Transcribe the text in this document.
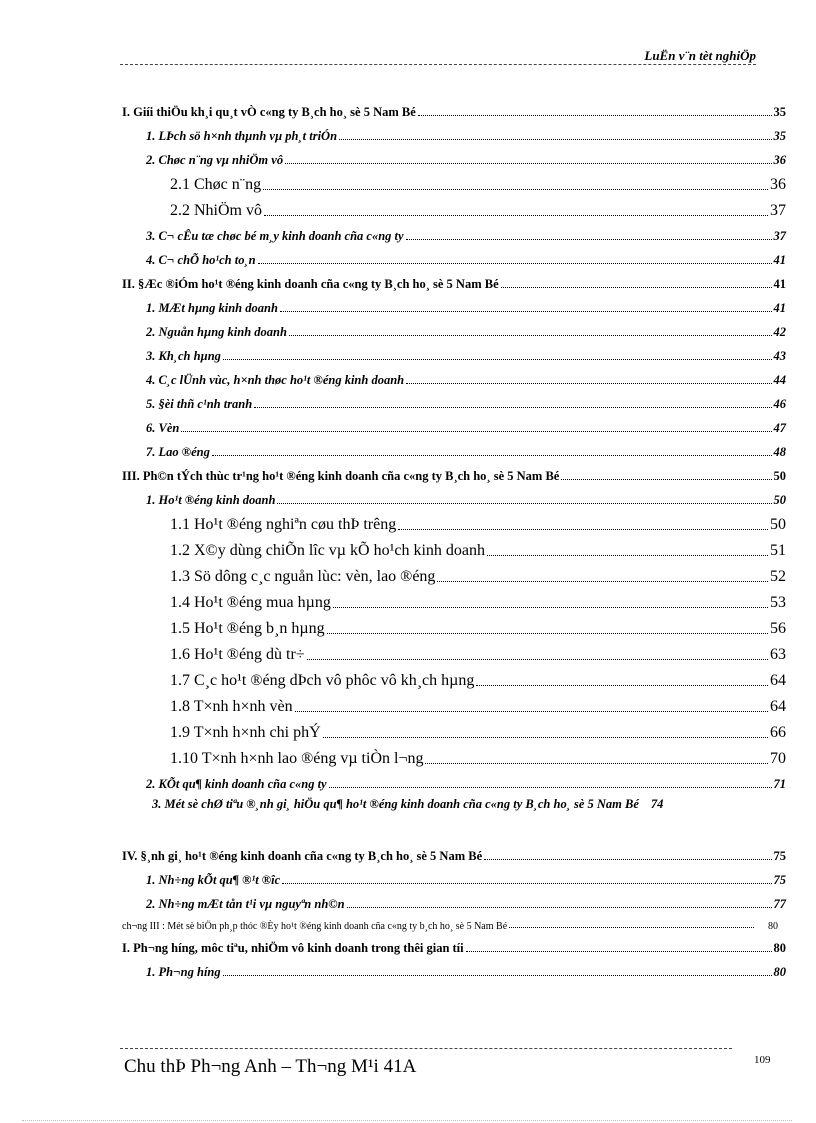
LuËn v¨n tèt nghiÖp
I. Giíi thiÖu kh¸i qu¸t vÒ c«ng ty B¸ch ho¸ sè 5 Nam Bé	35
1. LÞch sö h×nh thµnh vµ ph¸t triÓn	35
2. Chøc n¨ng vµ nhiÖm vô	36
2.1 Chøc n¨ng	36
2.2 NhiÖm vô	37
3. C¬ cÊu tæ chøc bé m¸y kinh doanh cña c«ng ty	37
4. C¬ chÕ ho¹ch to¸n	41
II. §Æc ®iÓm ho¹t ®éng kinh doanh cña c«ng ty B¸ch ho¸ sè 5 Nam Bé	41
1. MÆt hµng kinh doanh	41
2. Nguån hµng kinh doanh	42
3. Kh¸ch hµng	43
4. C¸c lÜnh vùc, h×nh thøc ho¹t ®éng kinh doanh	44
5. §èi thñ c¹nh tranh	46
6. Vèn	47
7. Lao ®éng	48
III. Ph©n tÝch thùc tr¹ng ho¹t ®éng kinh doanh cña c«ng ty B¸ch ho¸ sè 5 Nam Bé	50
1. Ho¹t ®éng kinh doanh	50
1.1 Ho¹t ®éng nghiªn cøu thÞ trêng	50
1.2 X©y dùng chiÕn lîc vµ kÕ ho¹ch kinh doanh	51
1.3 Sö dông c¸c nguån lùc: vèn, lao ®éng	52
1.4 Ho¹t ®éng mua hµng	53
1.5 Ho¹t ®éng b¸n hµng	56
1.6 Ho¹t ®éng dù tr÷	63
1.7 C¸c ho¹t ®éng dÞch vô phôc vô kh¸ch hµng	64
1.8 T×nh h×nh vèn	64
1.9 T×nh h×nh chi phÝ	66
1.10 T×nh h×nh lao ®éng vµ tiÒn l¬ng	70
2. KÕt qu¶ kinh doanh cña c«ng ty	71
3. Mét sè chØ tiªu ®¸nh gi¸ hiÖu qu¶ ho¹t ®éng kinh doanh cña c«ng ty B¸ch ho¸ sè 5 Nam Bé 74
IV. §¸nh gi¸ ho¹t ®éng kinh doanh cña c«ng ty B¸ch ho¸ sè 5 Nam Bé	75
1. Nh÷ng kÕt qu¶ ®¹t ®îc	75
2. Nh÷ng mÆt tån t¹i vµ nguyªn nh©n	77
ch¬ng III : Mét sè biÖn ph¸p thóc ®Èy ho¹t ®éng kinh doanh cña c«ng ty b¸ch ho¸ sè 5 Nam Bé	80
I. Ph¬ng híng, môc tiªu, nhiÖm vô kinh doanh trong thêi gian tíi	80
1. Ph¬ng híng	80
Chu thÞ Ph¬ng Anh – Th¬ng M¹i 41A	109
